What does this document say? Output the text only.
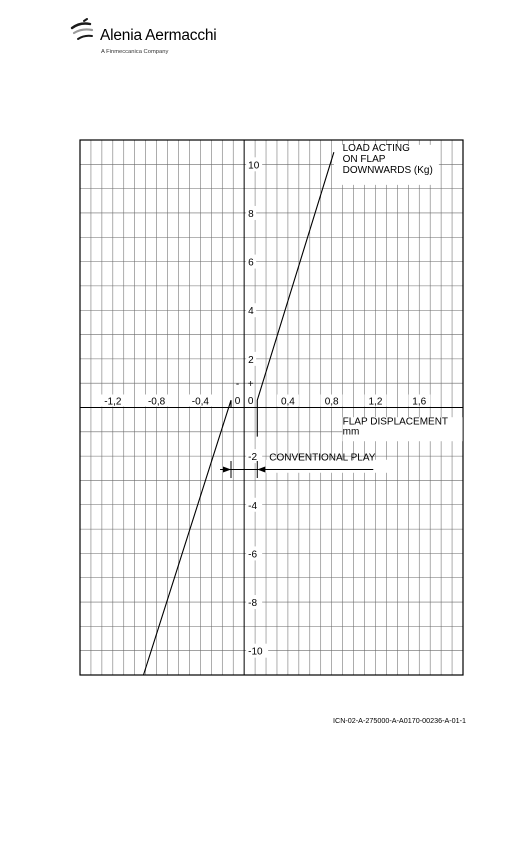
Alenia Aermacchi
A Finmeccanica Company
10
8
6
4
2
-2
-4
-6
-8
-10
-1,2	-0,8	-0,4	0,4	0,8	1,2	1,6
LOAD ACTING
ON FLAP
DOWNWARDS (Kg)
FLAP DISPLACEMENT
mm
-
0
+
0
CONVENTIONAL PLAY
ICN-02-A-275000-A-A0170-00236-A-01-1
